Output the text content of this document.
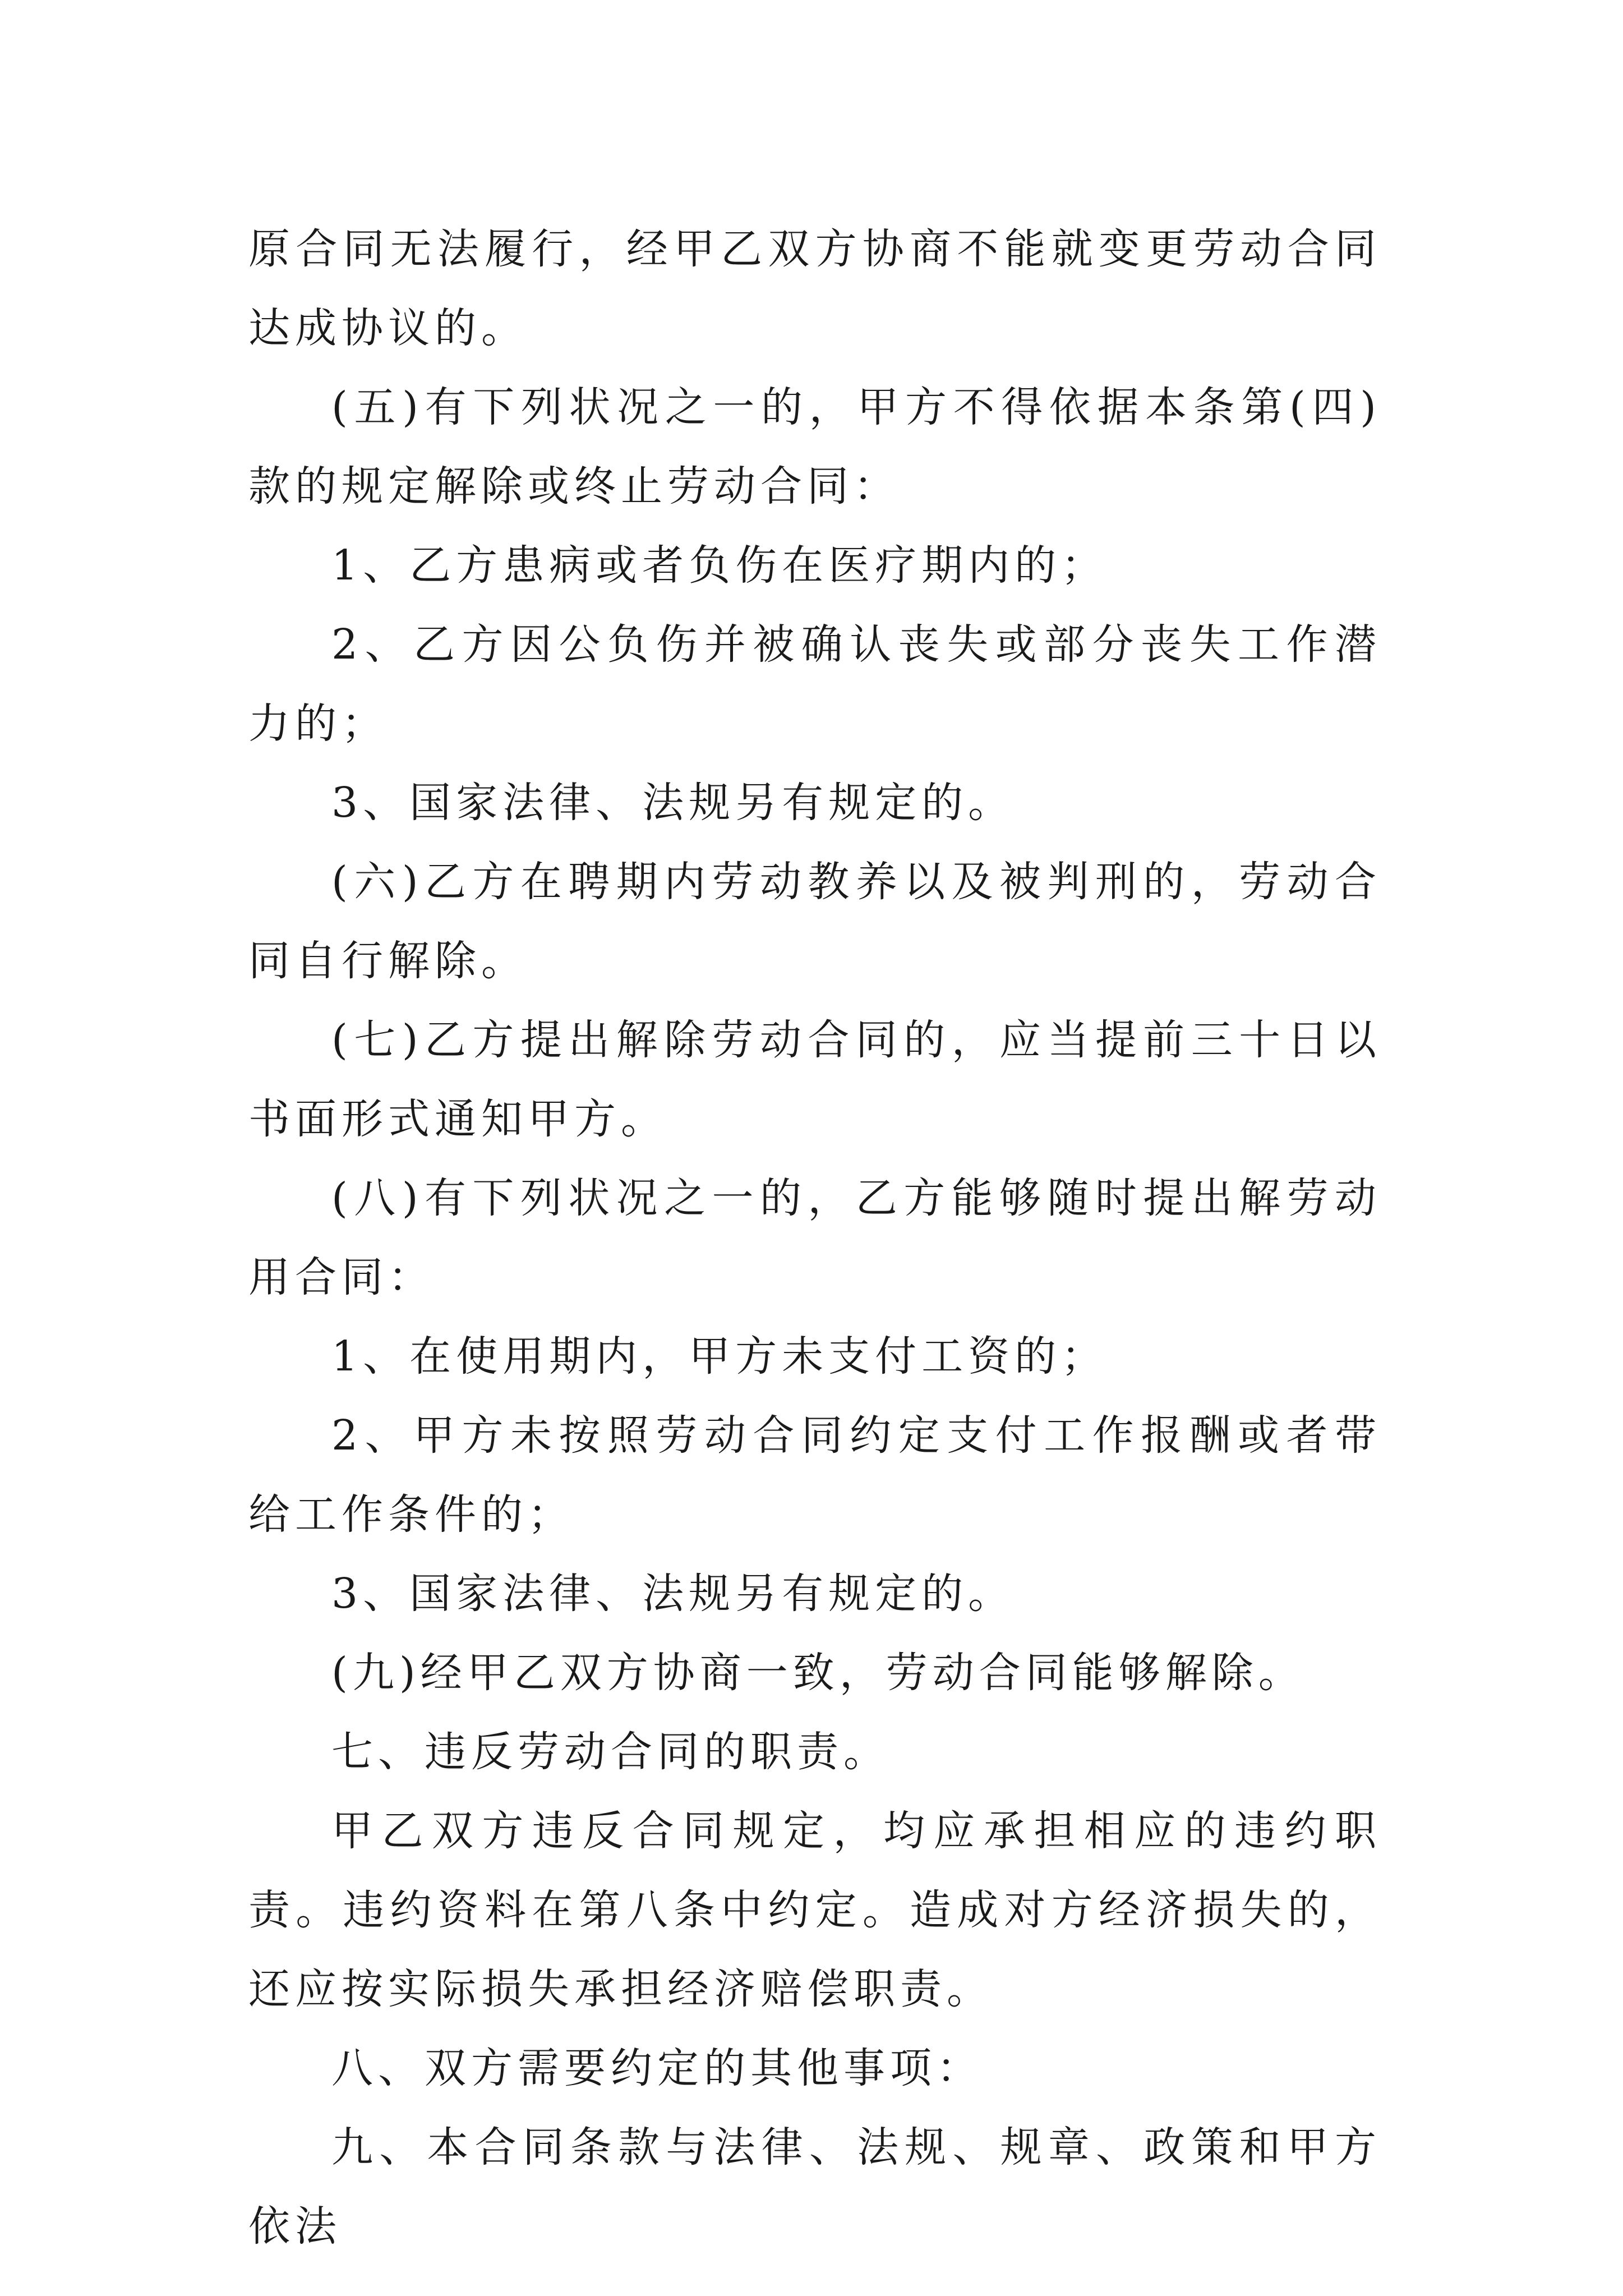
原合同无法履行，经甲乙双方协商不能就变更劳动合同达成协议的。

(五)有下列状况之一的，甲方不得依据本条第(四)款的规定解除或终止劳动合同：

1、乙方患病或者负伤在医疗期内的；

2、乙方因公负伤并被确认丧失或部分丧失工作潜力的；

3、国家法律、法规另有规定的。

(六)乙方在聘期内劳动教养以及被判刑的，劳动合同自行解除。

(七)乙方提出解除劳动合同的，应当提前三十日以书面形式通知甲方。

(八)有下列状况之一的，乙方能够随时提出解劳动用合同：

1、在使用期内，甲方未支付工资的；

2、甲方未按照劳动合同约定支付工作报酬或者带给工作条件的；

3、国家法律、法规另有规定的。

(九)经甲乙双方协商一致，劳动合同能够解除。

七、违反劳动合同的职责。

甲乙双方违反合同规定，均应承担相应的违约职责。违约资料在第八条中约定。造成对方经济损失的，还应按实际损失承担经济赔偿职责。

八、双方需要约定的其他事项：

九、本合同条款与法律、法规、规章、政策和甲方依法
